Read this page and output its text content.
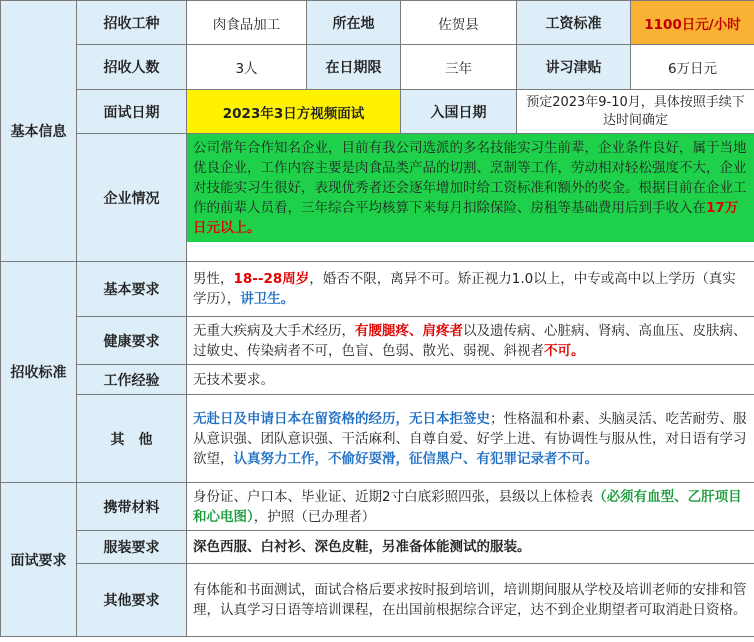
基本信息	招收工种	肉食品加工	所在地	佐贺县	工资标准	1100日元/小时
	招收人数	3人	在日期限	三年	讲习津贴	6万日元
	面试日期	2023年3日方视频面试		入国日期	预定2023年9-10月，具体按照手续下达时间确定	
	企业情况	公司常年合作知名企业，目前有我公司选派的多名技能实习生前辈，企业条件良好，属于当地优良企业，工作内容主要是肉食品类产品的切割、烹制等工作，劳动相对轻松强度不大，企业对技能实习生很好，表现优秀者还会逐年增加时给工资标准和额外的奖金。根据目前在企业工作的前辈人员看，三年综合平均核算下来每月扣除保险、房租等基础费用后到手收入在17万日元以上。				

招收标准	基本要求	男性，18--28周岁，婚否不限，离异不可。矫正视力1.0以上，中专或高中以上学历（真实学历），讲卫生。				
	健康要求	无重大疾病及大手术经历，有腰腿疼、肩疼者以及遗传病、心脏病、肾病、高血压、皮肤病、过敏史、传染病者不可，色盲、色弱、散光、弱视、斜视者不可。				
	工作经验	无技术要求。				
	其　他	无赴日及申请日本在留资格的经历，无日本拒签史；性格温和朴素、头脑灵活、吃苦耐劳、服从意识强、团队意识强、干活麻利、自尊自爱、好学上进、有协调性与服从性，对日语有学习欲望，认真努力工作，不偷好耍滑，征信黑户、有犯罪记录者不可。				
面试要求	携带材料	身份证、户口本、毕业证、近期2寸白底彩照四张，县级以上体检表（必须有血型、乙肝项目和心电图），护照（已办理者）				
	服装要求	深色西服、白衬衫、深色皮鞋，另准备体能测试的服装。				
	其他要求	有体能和书面测试，面试合格后要求按时报到培训，培训期间服从学校及培训老师的安排和管理，认真学习日语等培训课程，在出国前根据综合评定，达不到企业期望者可取消赴日资格。				
